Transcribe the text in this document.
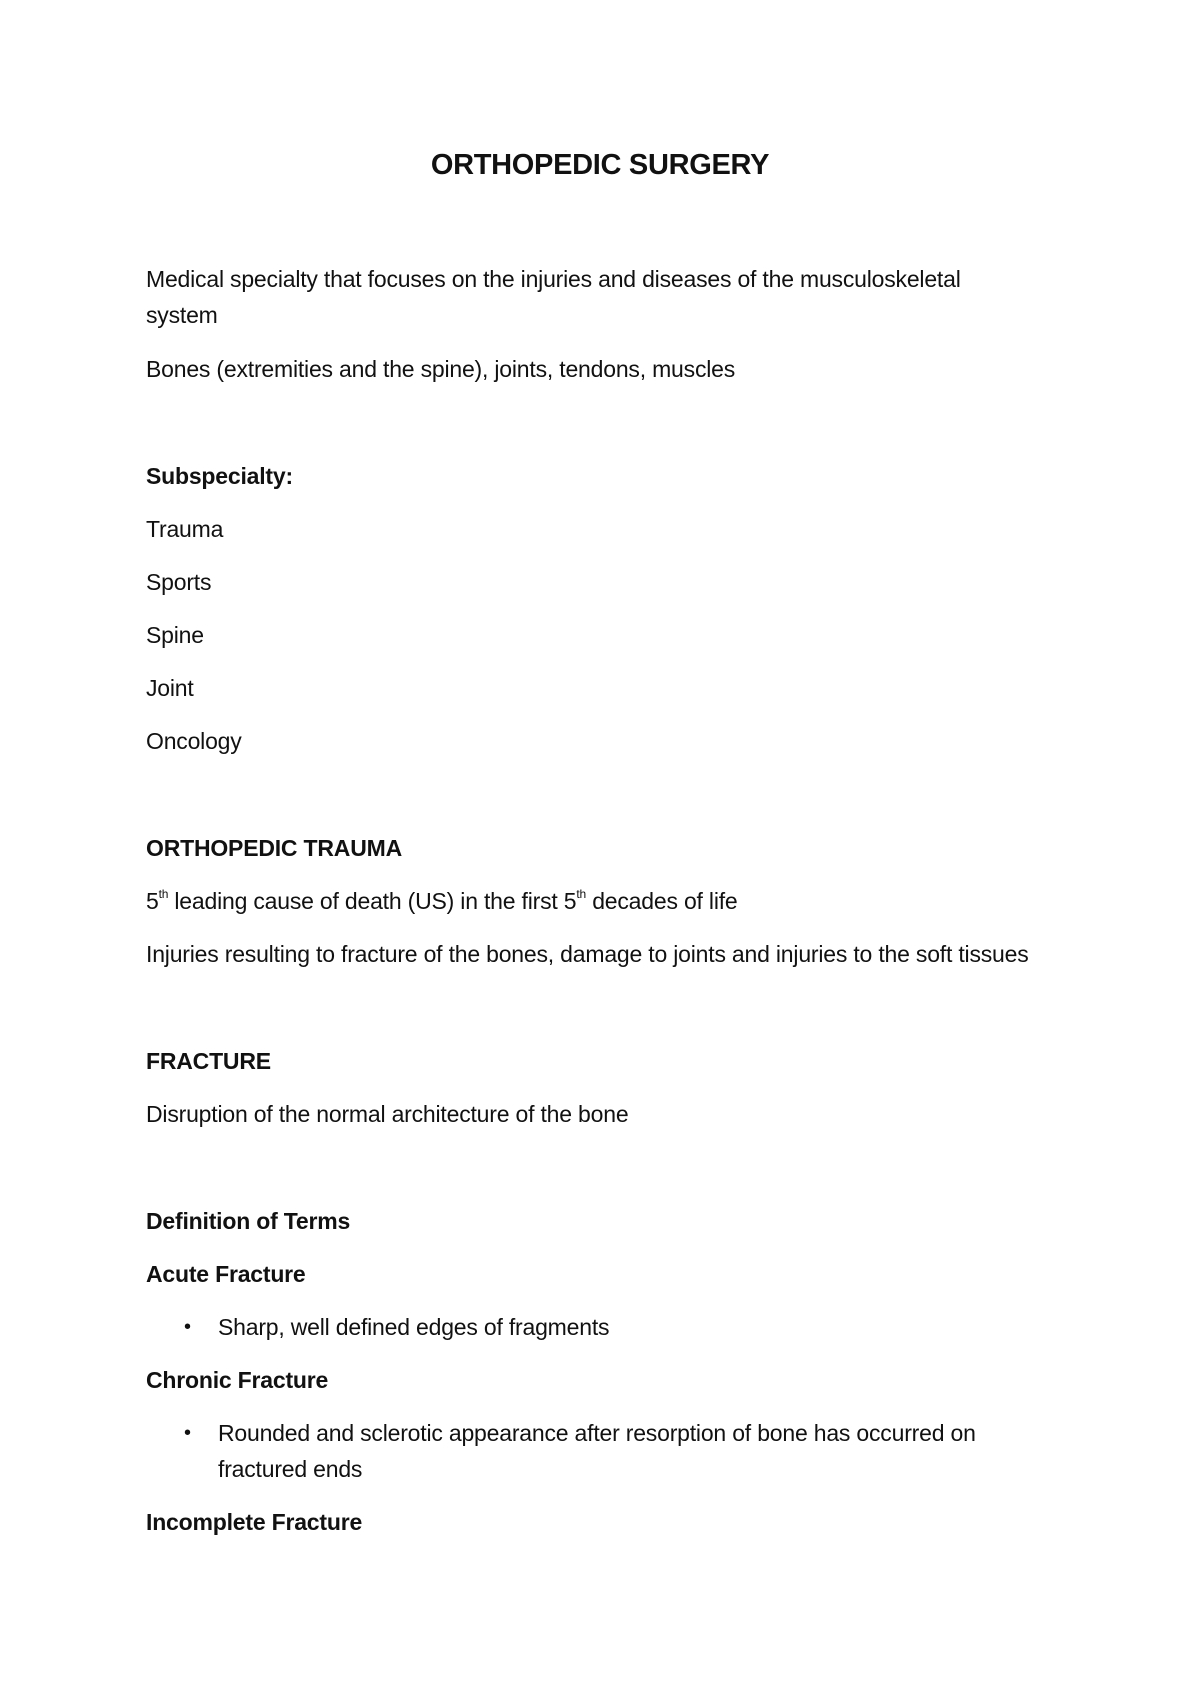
ORTHOPEDIC SURGERY

Medical specialty that focuses on the injuries and diseases of the musculoskeletal

system

Bones (extremities and the spine), joints, tendons, muscles

Subspecialty:

Trauma

Sports

Spine

Joint

Oncology

ORTHOPEDIC TRAUMA

5th leading cause of death (US) in the first 5th decades of life

Injuries resulting to fracture of the bones, damage to joints and injuries to the soft tissues

FRACTURE

Disruption of the normal architecture of the bone

Definition of Terms

Acute Fracture

• Sharp, well defined edges of fragments

Chronic Fracture

• Rounded and sclerotic appearance after resorption of bone has occurred on

fractured ends

Incomplete Fracture
